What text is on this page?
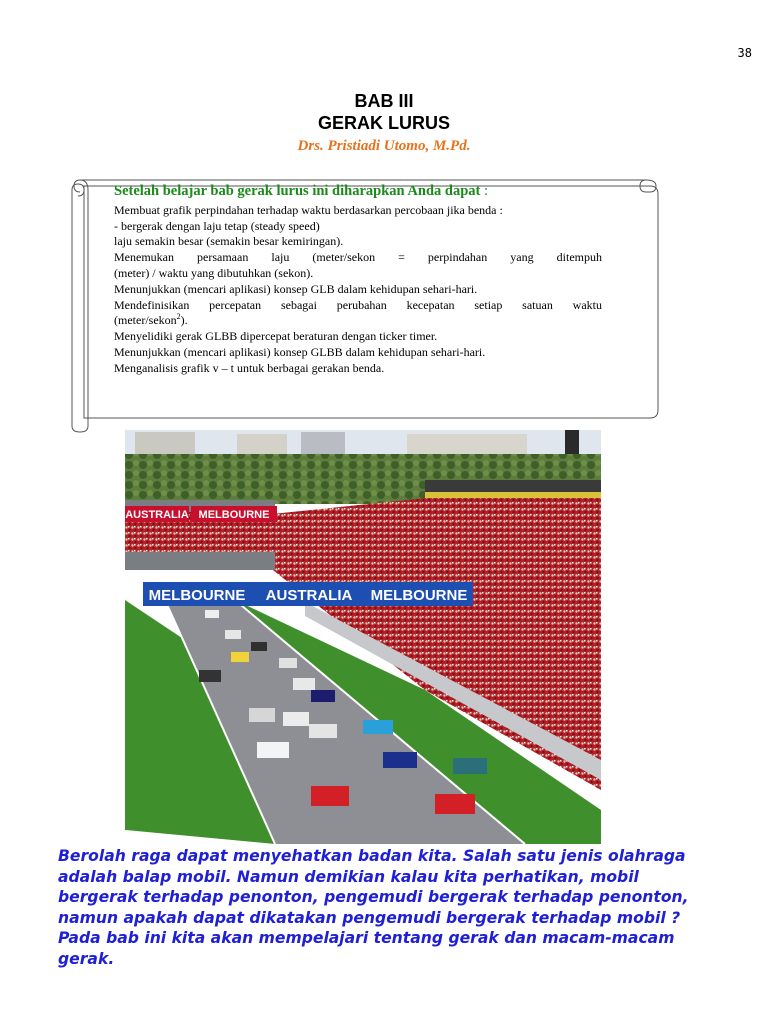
38
BAB III
GERAK LURUS
Drs. Pristiadi Utomo, M.Pd.
Setelah belajar bab gerak lurus ini diharapkan Anda dapat :
Membuat grafik perpindahan terhadap waktu berdasarkan percobaan jika benda :
- bergerak dengan laju tetap (steady speed)
laju semakin besar (semakin besar kemiringan).
Menemukan persamaan laju (meter/sekon = perpindahan yang ditempuh
(meter) / waktu yang dibutuhkan (sekon).
Menunjukkan (mencari aplikasi) konsep GLB dalam kehidupan sehari-hari.
Mendefinisikan percepatan sebagai perubahan kecepatan setiap satuan waktu
(meter/sekon$^2$).
Menyelidiki gerak GLBB dipercepat beraturan dengan ticker timer.
Menunjukkan (mencari aplikasi) konsep GLBB dalam kehidupan sehari-hari.
Menganalisis grafik v – t untuk berbagai gerakan benda.
AUSTRALIA MELBOURNE
MELBOURNE AUSTRALIA MELBOURNE

Berolah raga dapat menyehatkan badan kita. Salah satu jenis olahraga adalah balap mobil. Namun demikian kalau kita perhatikan, mobil bergerak terhadap penonton, pengemudi bergerak terhadap penonton, namun apakah dapat dikatakan pengemudi bergerak terhadap mobil ?

Pada bab ini kita akan mempelajari tentang gerak dan macam-macam gerak.
